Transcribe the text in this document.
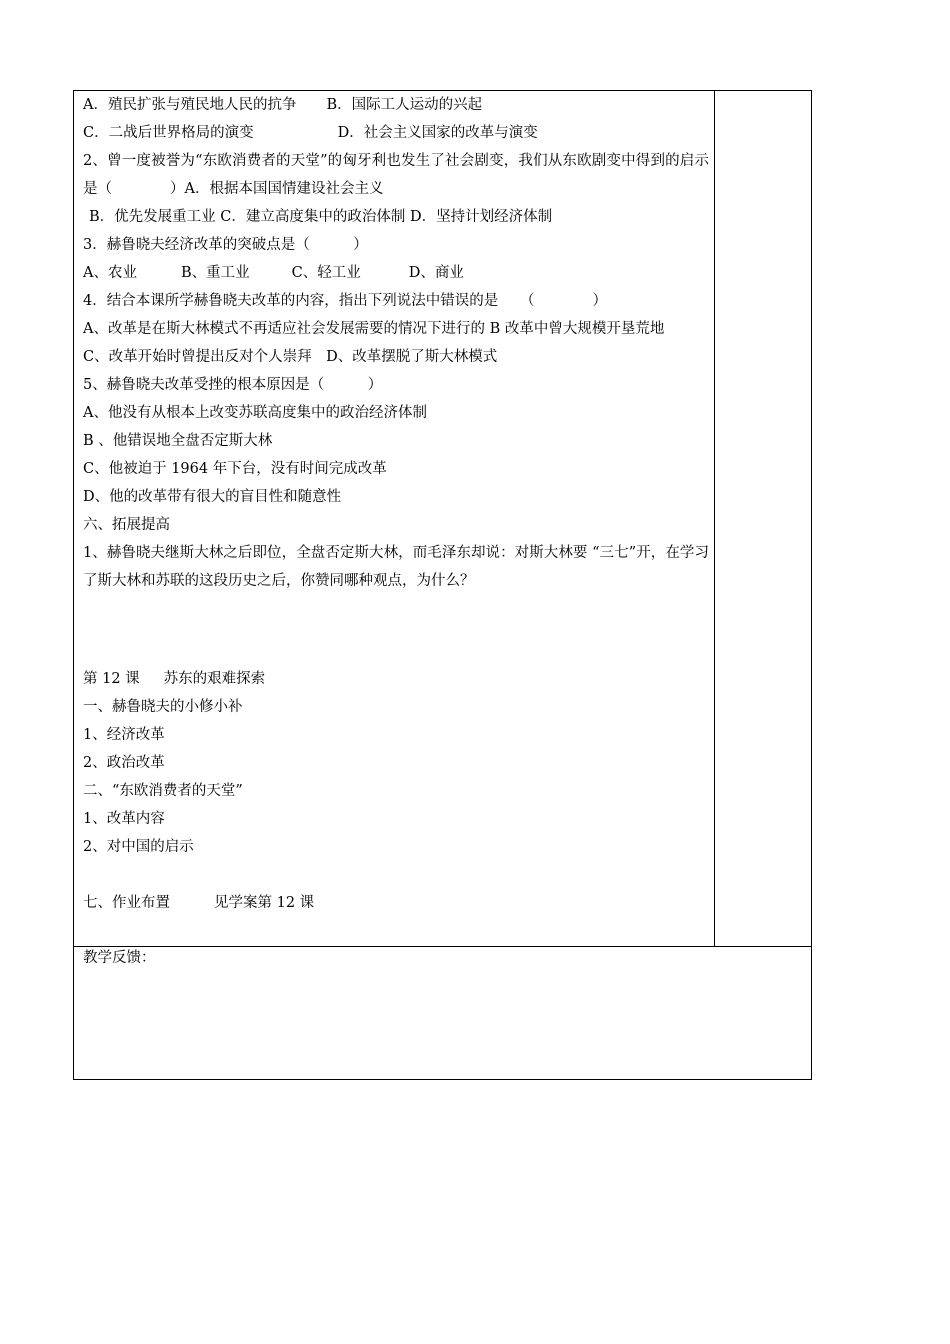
A．殖民扩张与殖民地人民的抗争 B．国际工人运动的兴起
C．二战后世界格局的演变	D．社会主义国家的改革与演变
2、曾一度被誉为“东欧消费者的天堂”的匈牙利也发生了社会剧变，我们从东欧剧变中得到的启示是（　　　　）A．根据本国国情建设社会主义
B．优先发展重工业 C．建立高度集中的政治体制 D．坚持计划经济体制
3．赫鲁晓夫经济改革的突破点是（　　　）
A、农业	B、重工业	C、轻工业	D、商业
4．结合本课所学赫鲁晓夫改革的内容，指出下列说法中错误的是　　（　　　　）
A、改革是在斯大林模式不再适应社会发展需要的情况下进行的 B 改革中曾大规模开垦荒地
C、改革开始时曾提出反对个人崇拜　D、改革摆脱了斯大林模式
5、赫鲁晓夫改革受挫的根本原因是（　　　）
A、他没有从根本上改变苏联高度集中的政治经济体制
B 、他错误地全盘否定斯大林
C、他被迫于 1964 年下台，没有时间完成改革
D、他的改革带有很大的盲目性和随意性
六、拓展提高
1、赫鲁晓夫继斯大林之后即位，全盘否定斯大林，而毛泽东却说：对斯大林要 “三七”开，在学习了斯大林和苏联的这段历史之后，你赞同哪种观点，为什么？
第 12 课 苏东的艰难探索
一、赫鲁晓夫的小修小补
1、经济改革
2、政治改革
二、“东欧消费者的天堂”
1、改革内容
2、对中国的启示
七、作业布置	见学案第 12 课

教学反馈：
